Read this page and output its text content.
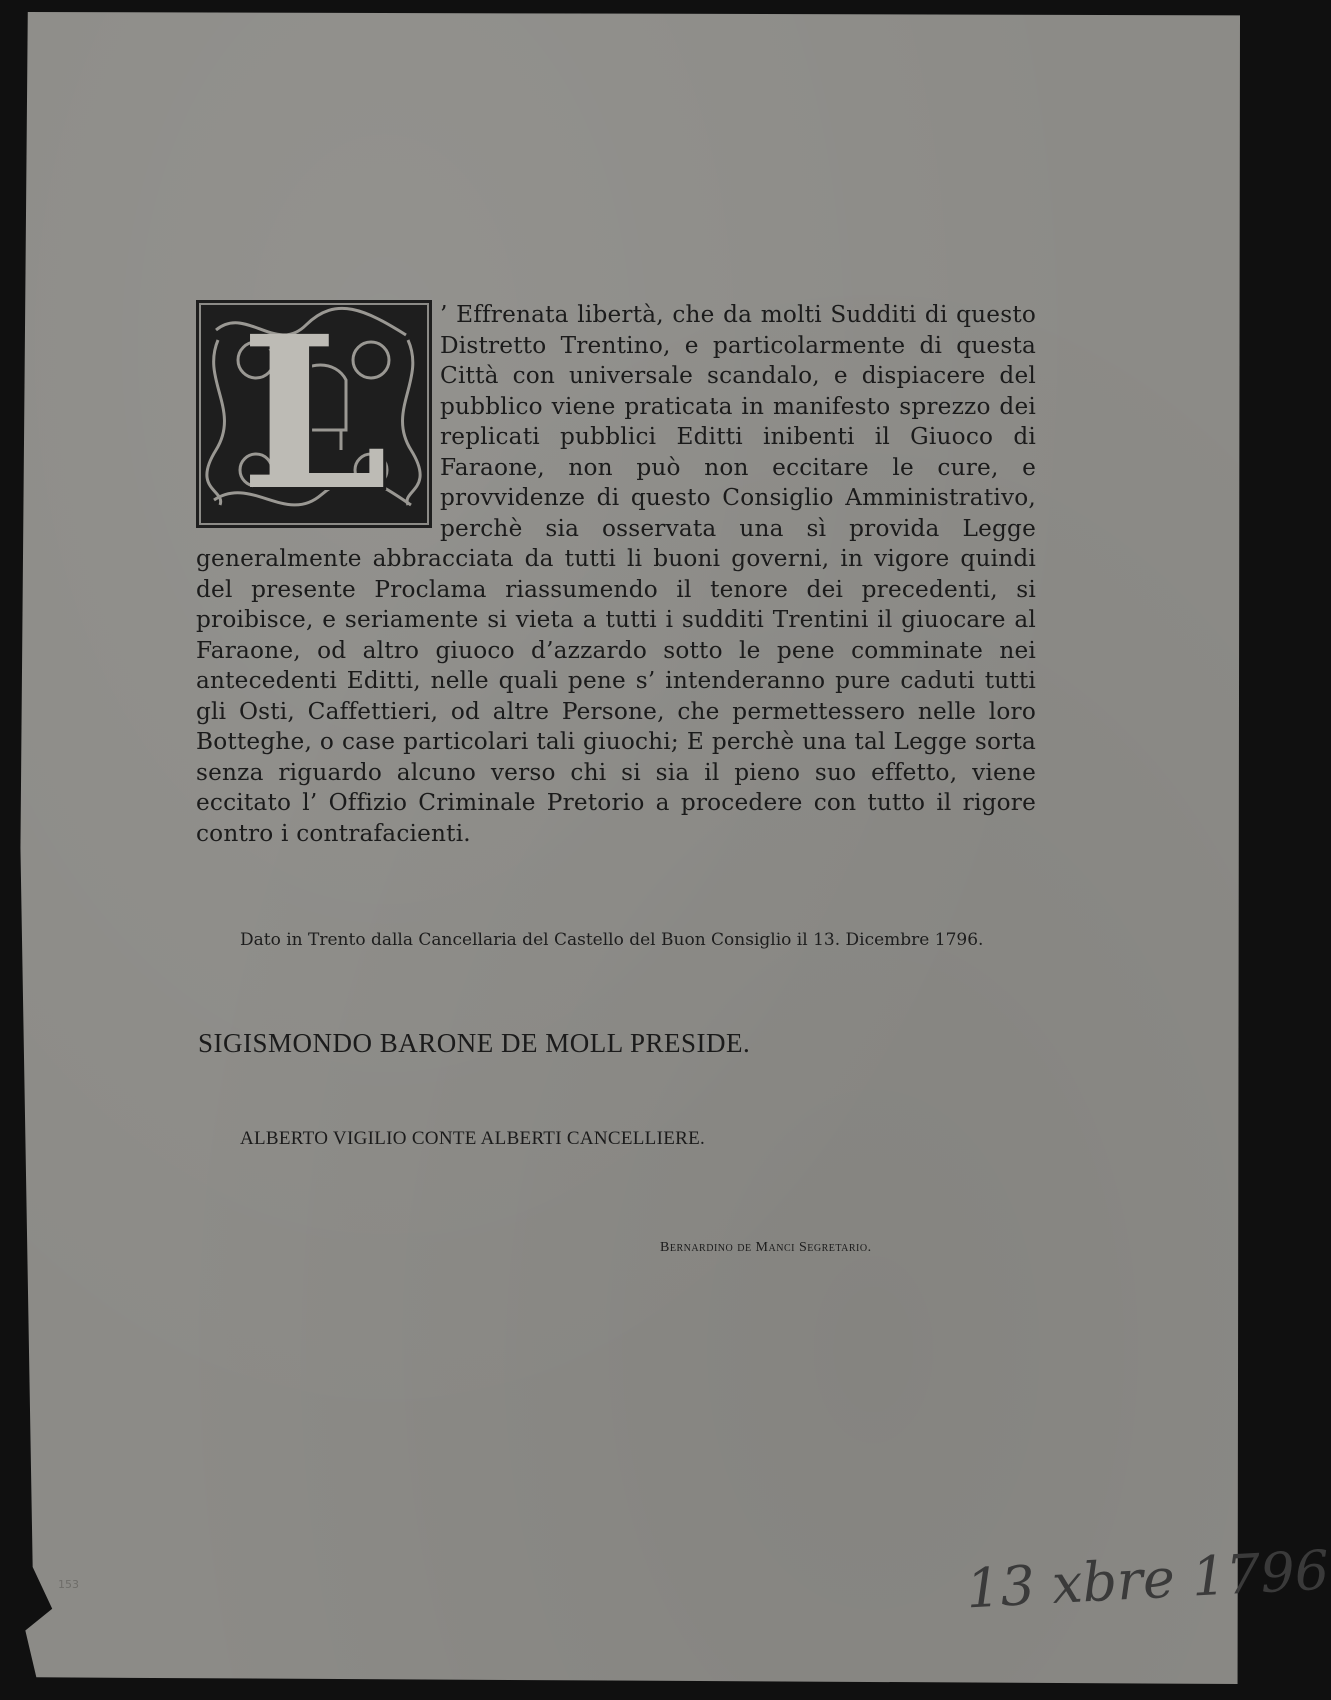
L	’ Effrenata libertà, che da molti Sudditi di questo Distretto Trentino, e particolarmente di questa Città con universale scandalo, e dispiacere del pubblico viene praticata in manifesto sprezzo dei replicati pubblici Editti inibenti il Giuoco di Faraone, non può non eccitare le cure, e provvidenze di questo Consiglio Amministrativo, perchè sia osservata una sì provida Legge generalmente abbracciata da tutti li buoni governi, in vigore quindi del presente Proclama riassumendo il tenore dei precedenti, si proibisce, e seriamente si vieta a tutti i sudditi Trentini il giuocare al Faraone, od altro giuoco d’azzardo sotto le pene comminate nei antecedenti Editti, nelle quali pene s’ intenderanno pure caduti tutti gli Osti, Caffettieri, od altre Persone, che permettessero nelle loro Botteghe, o case particolari tali giuochi; E perchè una tal Legge sorta senza riguardo alcuno verso chi si sia il pieno suo effetto, viene eccitato l’ Offizio Criminale Pretorio a procedere con tutto il rigore contro i contrafacienti.

Dato in Trento dalla Cancellaria del Castello del Buon Consiglio il 13. Dicembre 1796.
SIGISMONDO BARONE DE MOLL PRESIDE.
ALBERTO VIGILIO CONTE ALBERTI CANCELLIERE.
Bernardino de Manci Segretario.
153	13 xbre 1796
